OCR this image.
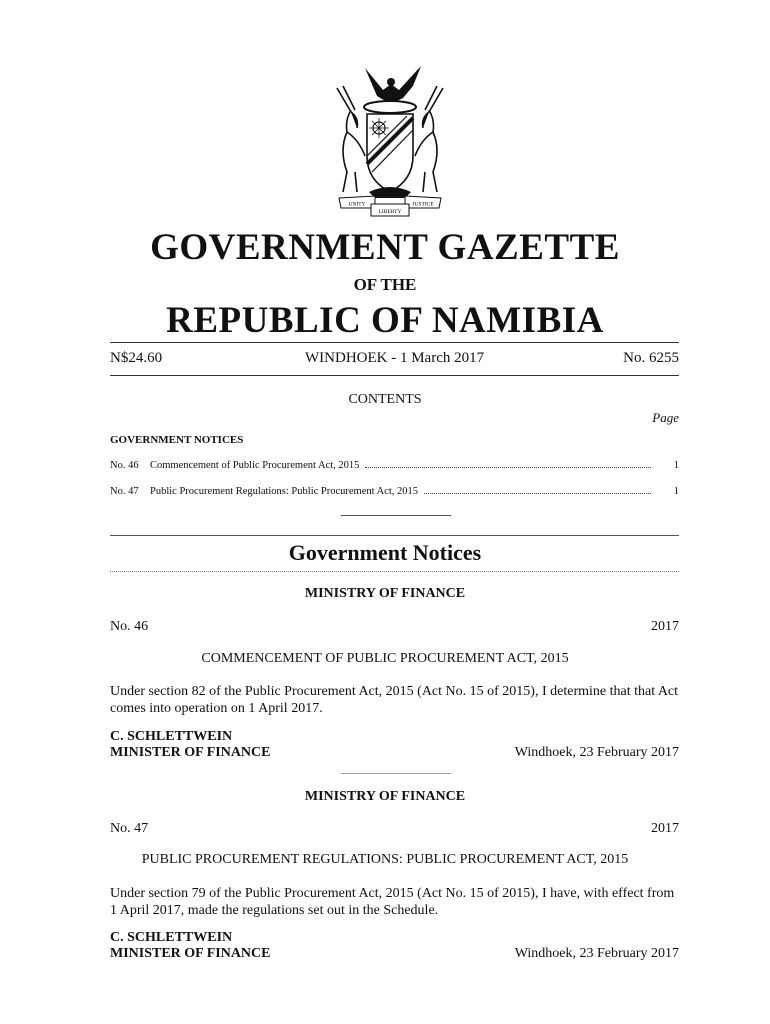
UNITY
LIBERTY
JUSTICE
GOVERNMENT GAZETTE
OF THE
REPUBLIC OF NAMIBIA
N$24.60	WINDHOEK - 1 March 2017	No. 6255
CONTENTS
Page
GOVERNMENT NOTICES
No. 46	Commencement of Public Procurement Act, 2015	1
No. 47	Public Procurement Regulations: Public Procurement Act, 2015	1
Government Notices
MINISTRY OF FINANCE
No. 46	2017
COMMENCEMENT OF PUBLIC PROCUREMENT ACT, 2015
Under section 82 of the Public Procurement Act, 2015 (Act No. 15 of 2015), I determine that that Act comes into operation on 1 April 2017.
C. SCHLETTWEIN
MINISTER OF FINANCE	Windhoek, 23 February 2017
MINISTRY OF FINANCE
No. 47	2017
PUBLIC PROCUREMENT REGULATIONS: PUBLIC PROCUREMENT ACT, 2015
Under section 79 of the Public Procurement Act, 2015 (Act No. 15 of 2015), I have, with effect from 1 April 2017, made the regulations set out in the Schedule.
C. SCHLETTWEIN
MINISTER OF FINANCE	Windhoek, 23 February 2017
